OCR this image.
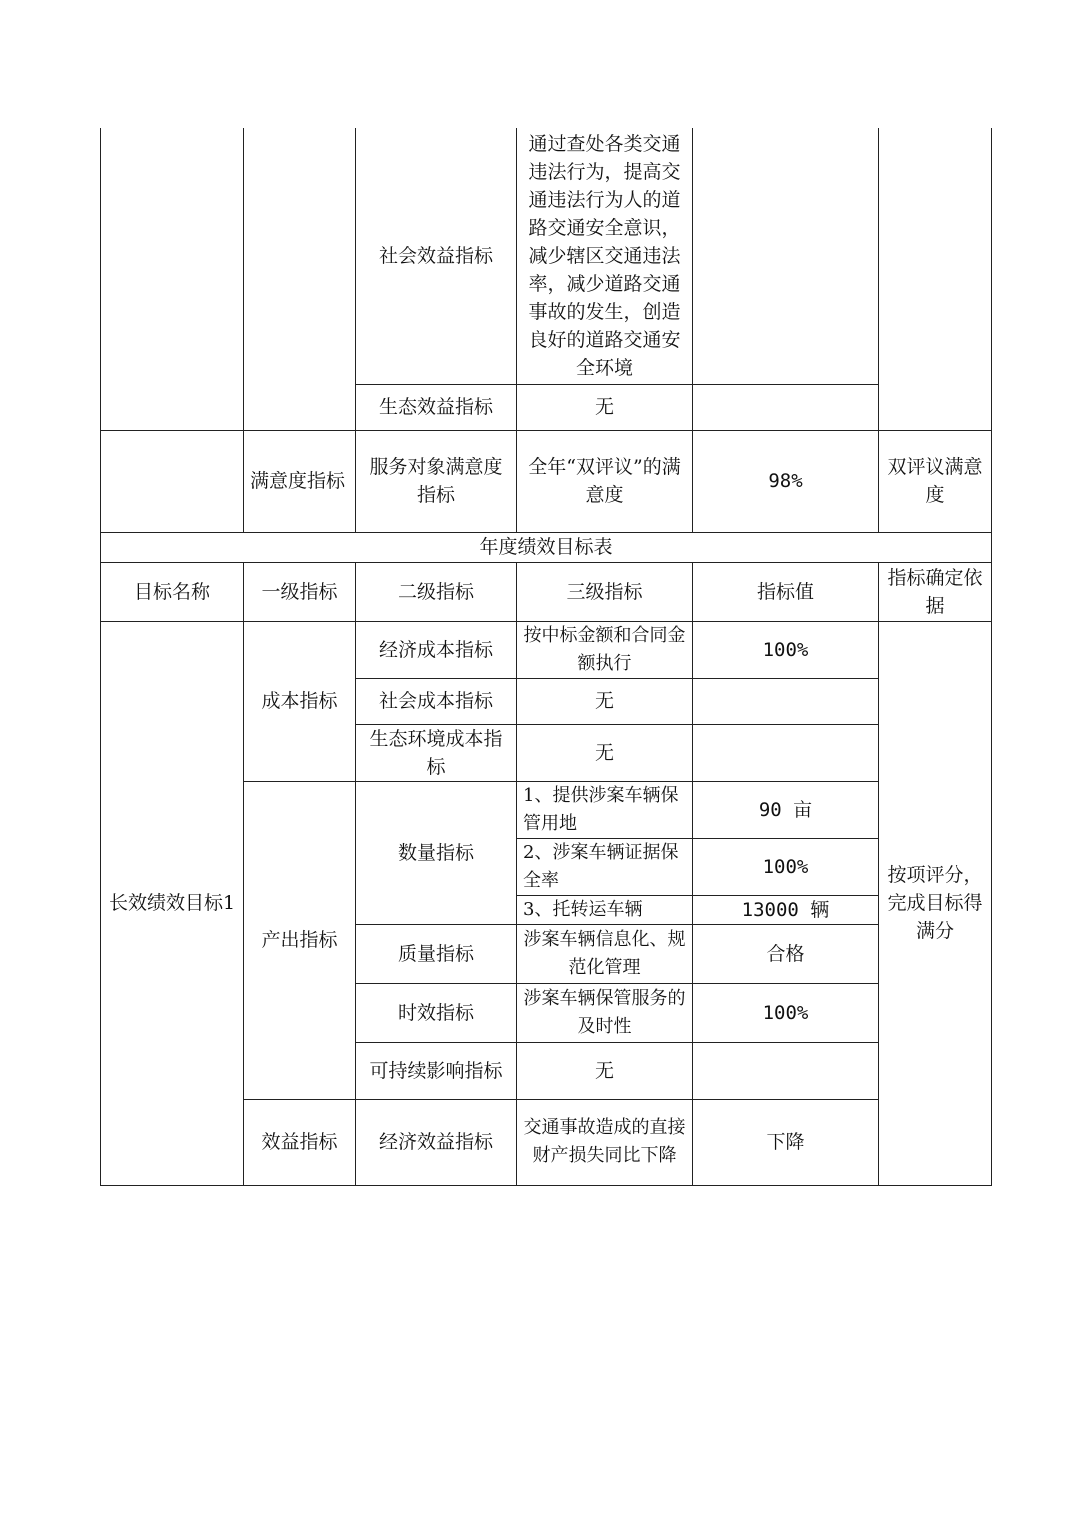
		社会效益指标	通过查处各类交通违法行为，提高交通违法行为人的道路交通安全意识，减少辖区交通违法率，减少道路交通事故的发生，创造良好的道路交通安全环境		
		生态效益指标	无		
	满意度指标	服务对象满意度指标	全年“双评议”的满意度	98%	双评议满意度
年度绩效目标表					
目标名称	一级指标	二级指标	三级指标	指标值	指标确定依据
长效绩效目标1	成本指标	经济成本指标	按中标金额和合同金额执行	100%	按项评分，完成目标得满分
		社会成本指标	无		
		生态环境成本指标	无		
	产出指标	数量指标	1、提供涉案车辆保管用地	90 亩	
			2、涉案车辆证据保全率	100%	
			3、托转运车辆	13000 辆	
		质量指标	涉案车辆信息化、规范化管理	合格	
		时效指标	涉案车辆保管服务的及时性	100%	
		可持续影响指标	无		
	效益指标	经济效益指标	交通事故造成的直接财产损失同比下降	下降	
